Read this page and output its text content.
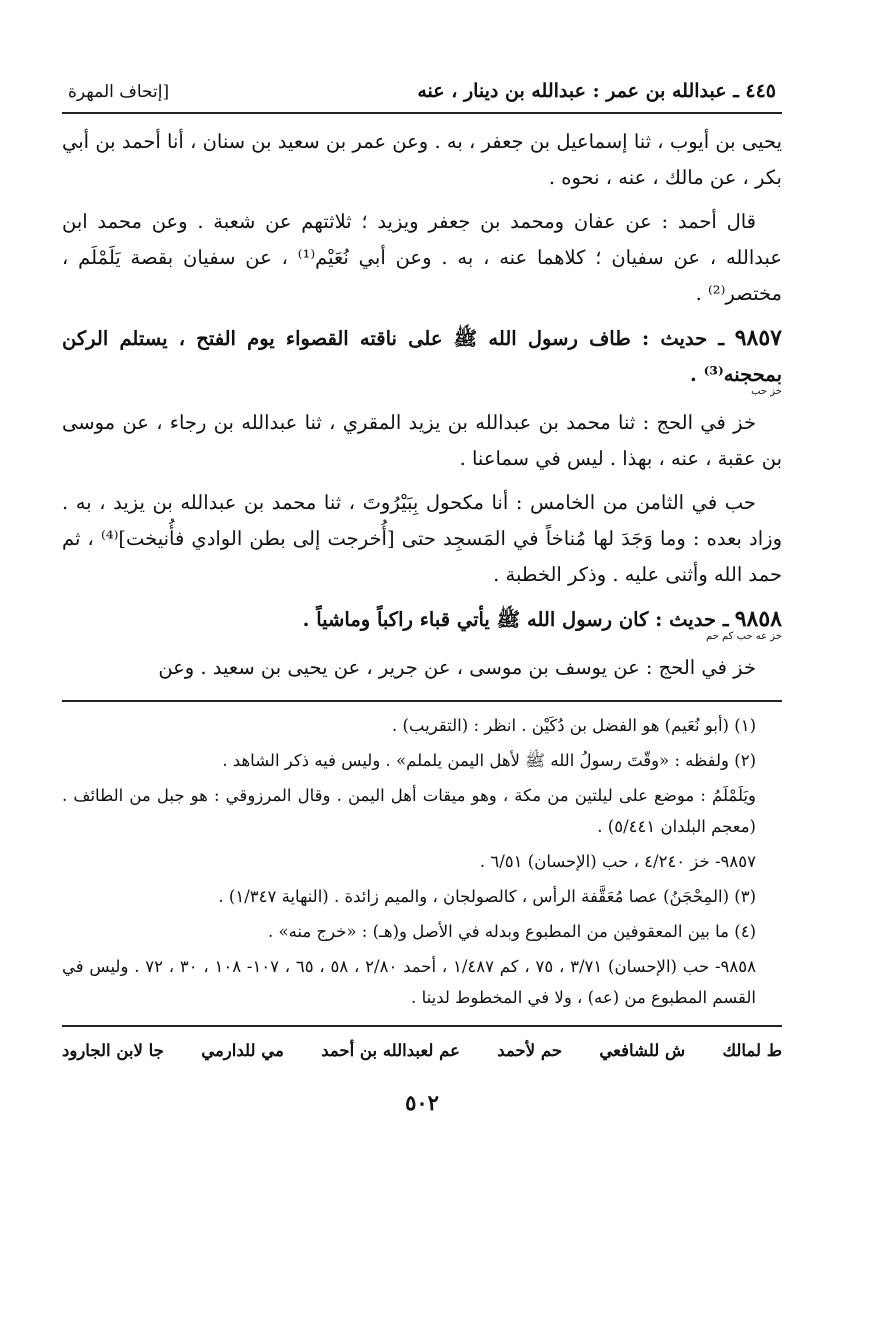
٤٤٥ ـ عبدالله بن عمر : عبدالله بن دينار ، عنه
[إتحاف المهرة

يحيى بن أيوب ، ثنا إسماعيل بن جعفر ، به . وعن عمر بن سعيد بن سنان ، أنا أحمد بن أبي بكر ، عن مالك ، عنه ، نحوه .

قال أحمد : عن عفان ومحمد بن جعفر ويزيد ؛ ثلاثتهم عن شعبة . وعن محمد ابن عبدالله ، عن سفيان ؛ كلاهما عنه ، به . وعن أبي نُعَيْم⁽¹⁾ ، عن سفيان بقصة يَلَمْلَم ، مختصر⁽²⁾ .

٩٨٥٧ ـ حديث : طاف رسول الله ﷺ على ناقته القصواء يوم الفتح ، يستلم الركن بمحجنه⁽³⁾ .
خز حب

خز في الحج : ثنا محمد بن عبدالله بن يزيد المقري ، ثنا عبدالله بن رجاء ، عن موسى بن عقبة ، عنه ، بهذا . ليس في سماعنا .

حب في الثامن من الخامس : أنا مكحول بِبَيْرُوتَ ، ثنا محمد بن عبدالله بن يزيد ، به . وزاد بعده : وما وَجَدَ لها مُناخاً في المَسجِد حتى [أُخرجت إلى بطن الوادي فأُنيخت]⁽⁴⁾ ، ثم حمد الله وأثنى عليه . وذكر الخطبة .

٩٨٥٨ ـ حديث : كان رسول الله ﷺ يأتي قباء راكباً وماشياً .
خز عه حب كم حم

خز في الحج : عن يوسف بن موسى ، عن جرير ، عن يحيى بن سعيد . وعن

(١) (أبو نُعَيم) هو الفضل بن دُكَيْن . انظر : (التقريب) .

(٢) ولفظه : «وقّتَ رسولُ الله ﷺ لأهل اليمن يلملم» . وليس فيه ذكر الشاهد .

ويَلَمْلَمُ : موضع على ليلتين من مكة ، وهو ميقات أهل اليمن . وقال المرزوقي : هو جبل من الطائف . (معجم البلدان ٥/٤٤١) .

٩٨٥٧- خز ٤/٢٤٠ ، حب (الإحسان) ٦/٥١ .

(٣) (المِحْجَنُ) عصا مُعَقَّفة الرأس ، كالصولجان ، والميم زائدة . (النهاية ١/٣٤٧) .

(٤) ما بين المعقوفين من المطبوع وبدله في الأصل و(هـ) : «خرج منه» .

٩٨٥٨- حب (الإحسان) ٣/٧١ ، ٧٥ ، كم ١/٤٨٧ ، أحمد ٢/٨٠ ، ٥٨ ، ٦٥ ، ١٠٧- ١٠٨ ، ٣٠ ، ٧٢ . وليس في القسم المطبوع من (عه) ، ولا في المخطوط لدينا .

ط لمالك
ش للشافعي
حم لأحمد
عم لعبدالله بن أحمد
مي للدارمي
جا لابن الجارود
٥٠٢
